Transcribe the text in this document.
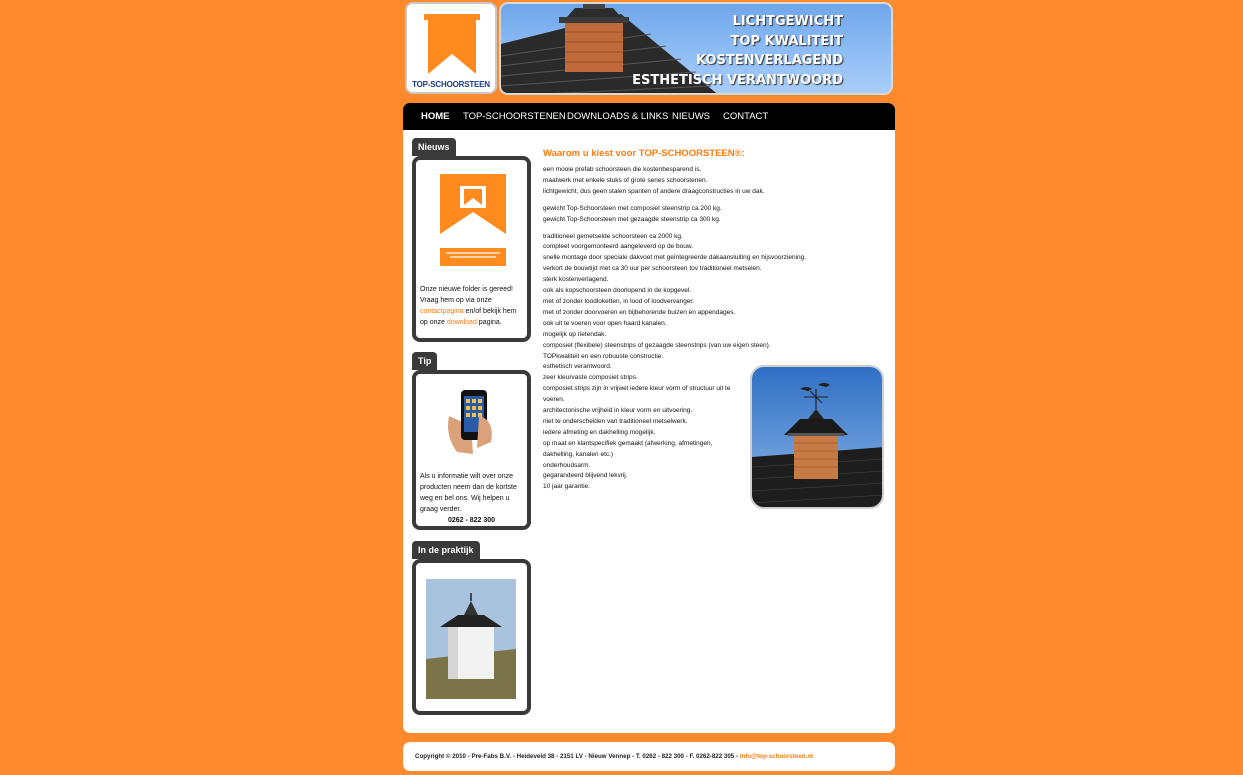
TOP-SCHOORSTEEN
LICHTGEWICHT
TOP KWALITEIT
KOSTENVERLAGEND
ESTHETISCH VERANTWOORD
HOME TOP-SCHOORSTENEN DOWNLOADS & LINKS NIEUWS CONTACT
Nieuws
Onze nieuwe folder is gereed! Vraag hem op via onze contactpagina en/of bekijk hem op onze download pagina.
Tip
Als u informatie wilt over onze producten neem dan de kortste weg en bel ons. Wij helpen u graag verder.
0262 - 822 300
In de praktijk
Waarom u kiest voor TOP-SCHOORSTEEN®:

een mooie prefab schoorsteen die kostenbesparend is.
maatwerk met enkele stuks of grote series schoorstenen.
lichtgewicht, dus geen stalen spanten of andere draagconstructies in uw dak.

gewicht Top-Schoorsteen met composiet steenstrip ca 200 kg.
gewicht Top-Schoorsteen met gezaagde steenstrip ca 300 kg.

traditioneel gemetselde schoorsteen ca 2000 kg.
compleet voorgemonteerd aangeleverd op de bouw.
snelle montage door speciale dakvoet met geïntegreerde dakaansluiting en hijsvoorziening.
verkort de bouwtijd met ca 30 uur per schoorsteen tov traditioneel metselen.
sterk kostenverlagend.
ook als kopschoorsteen doorlopend in de kopgevel.
met of zonder loodloketten, in lood of loodvervanger.
met of zonder doorvoeren en bijbehorende buizen en appendages.
ook uit te voeren voor open haard kanalen.
mogelijk op rietendak.
composiet (flexibele) steenstrips of gezaagde steenstrips (van uw eigen steen).
TOPkwaliteit en een robuuste constructie.
esthetisch verantwoord.
zeer kleurvaste composiet strips.
composiet strips zijn in vrijwel iedere kleur vorm of structuur uit te voeren.
architectonische vrijheid in kleur vorm en uitvoering.
niet te onderscheiden van traditioneel metselwerk.
iedere afmeting en dakhelling mogelijk.
op maat en klantspecifiek gemaakt (afwerking, afmetingen, dakhelling, kanalen etc.)
onderhoudsarm.
gegarandeerd blijvend lekvrij.
10 jaar garantie.

Copyright © 2010 - Pre-Fabs B.V. - Heideveld 38 - 2151 LV - Nieuw Vennep - T. 0262 - 822 300 - F. 0262-822 305 - info@top-schoorsteen.nl
